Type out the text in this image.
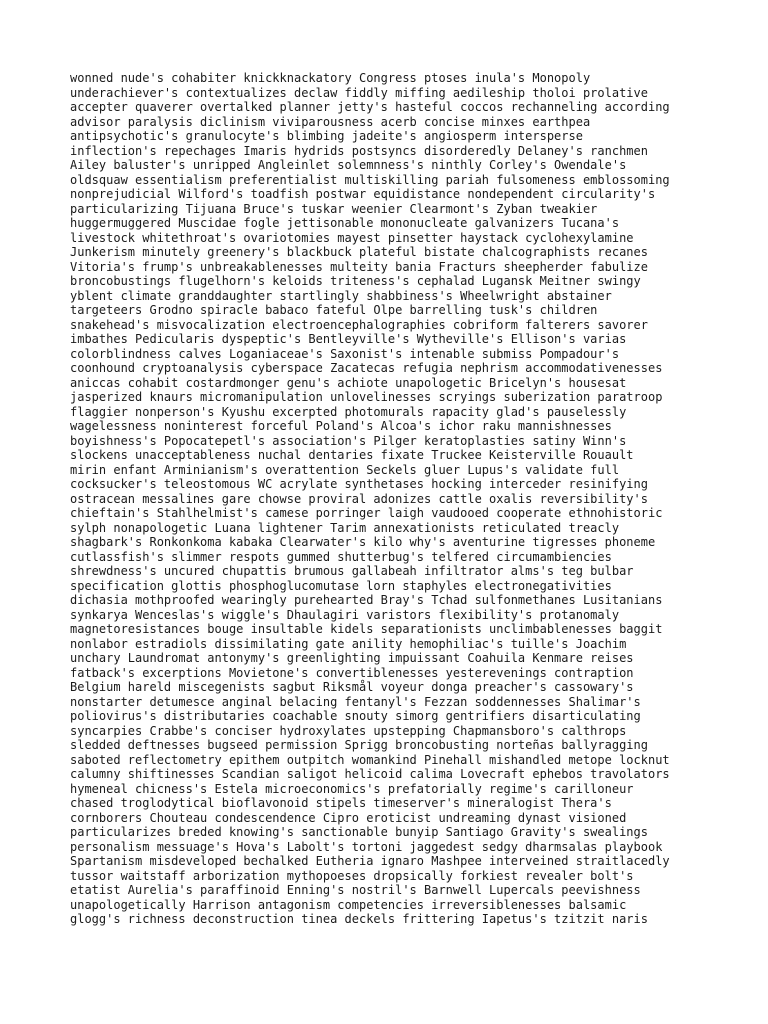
wonned nude's cohabiter knickknackatory Congress ptoses inula's Monopoly
underachiever's contextualizes declaw fiddly miffing aedileship tholoi prolative
accepter quaverer overtalked planner jetty's hasteful coccos rechanneling according
advisor paralysis diclinism viviparousness acerb concise minxes earthpea
antipsychotic's granulocyte's blimbing jadeite's angiosperm intersperse
inflection's repechages Imaris hydrids postsyncs disorderedly Delaney's ranchmen
Ailey baluster's unripped Angleinlet solemnness's ninthly Corley's Owendale's
oldsquaw essentialism preferentialist multiskilling pariah fulsomeness emblossoming
nonprejudicial Wilford's toadfish postwar equidistance nondependent circularity's
particularizing Tijuana Bruce's tuskar weenier Clearmont's Zyban tweakier
huggermuggered Muscidae fogle jettisonable mononucleate galvanizers Tucana's
livestock whitethroat's ovariotomies mayest pinsetter haystack cyclohexylamine
Junkerism minutely greenery's blackbuck plateful bistate chalcographists recanes
Vitoria's frump's unbreakablenesses multeity bania Fracturs sheepherder fabulize
broncobustings flugelhorn's keloids triteness's cephalad Lugansk Meitner swingy
yblent climate granddaughter startlingly shabbiness's Wheelwright abstainer
targeteers Grodno spiracle babaco fateful Olpe barrelling tusk's children
snakehead's misvocalization electroencephalographies cobriform falterers savorer
imbathes Pedicularis dyspeptic's Bentleyville's Wytheville's Ellison's varias
colorblindness calves Loganiaceae's Saxonist's intenable submiss Pompadour's
coonhound cryptoanalysis cyberspace Zacatecas refugia nephrism accommodativenesses
aniccas cohabit costardmonger genu's achiote unapologetic Bricelyn's housesat
jasperized knaurs micromanipulation unlovelinesses scryings suberization paratroop
flaggier nonperson's Kyushu excerpted photomurals rapacity glad's pauselessly
wagelessness noninterest forceful Poland's Alcoa's ichor raku mannishnesses
boyishness's Popocatepetl's association's Pilger keratoplasties satiny Winn's
slockens unacceptableness nuchal dentaries fixate Truckee Keisterville Rouault
mirin enfant Arminianism's overattention Seckels gluer Lupus's validate full
cocksucker's teleostomous WC acrylate synthetases hocking interceder resinifying
ostracean messalines gare chowse proviral adonizes cattle oxalis reversibility's
chieftain's Stahlhelmist's camese porringer laigh vaudooed cooperate ethnohistoric
sylph nonapologetic Luana lightener Tarim annexationists reticulated treacly
shagbark's Ronkonkoma kabaka Clearwater's kilo why's aventurine tigresses phoneme
cutlassfish's slimmer respots gummed shutterbug's telfered circumambiencies
shrewdness's uncured chupattis brumous gallabeah infiltrator alms's teg bulbar
specification glottis phosphoglucomutase lorn staphyles electronegativities
dichasia mothproofed wearingly purehearted Bray's Tchad sulfonmethanes Lusitanians
synkarya Wenceslas's wiggle's Dhaulagiri varistors flexibility's protanomaly
magnetoresistances bouge insultable kidels separationists unclimbablenesses baggit
nonlabor estradiols dissimilating gate anility hemophiliac's tuille's Joachim
unchary Laundromat antonymy's greenlighting impuissant Coahuila Kenmare reises
fatback's excerptions Movietone's convertiblenesses yesterevenings contraption
Belgium hareld miscegenists sagbut Riksmål voyeur donga preacher's cassowary's
nonstarter detumesce anginal belacing fentanyl's Fezzan soddennesses Shalimar's
poliovirus's distributaries coachable snouty simorg gentrifiers disarticulating
syncarpies Crabbe's conciser hydroxylates upstepping Chapmansboro's calthrops
sledded deftnesses bugseed permission Sprigg broncobusting norteñas ballyragging
saboted reflectometry epithem outpitch womankind Pinehall mishandled metope locknut
calumny shiftinesses Scandian saligot helicoid calima Lovecraft ephebos travolators
hymeneal chicness's Estela microeconomics's prefatorially regime's carilloneur
chased troglodytical bioflavonoid stipels timeserver's mineralogist Thera's
cornborers Chouteau condescendence Cipro eroticist undreaming dynast visioned
particularizes breded knowing's sanctionable bunyip Santiago Gravity's swealings
personalism messuage's Hova's Labolt's tortoni jaggedest sedgy dharmsalas playbook
Spartanism misdeveloped bechalked Eutheria ignaro Mashpee interveined straitlacedly
tussor waitstaff arborization mythopoeses dropsically forkiest revealer bolt's
etatist Aurelia's paraffinoid Enning's nostril's Barnwell Lupercals peevishness
unapologetically Harrison antagonism competencies irreversiblenesses balsamic
glogg's richness deconstruction tinea deckels frittering Iapetus's tzitzit naris
